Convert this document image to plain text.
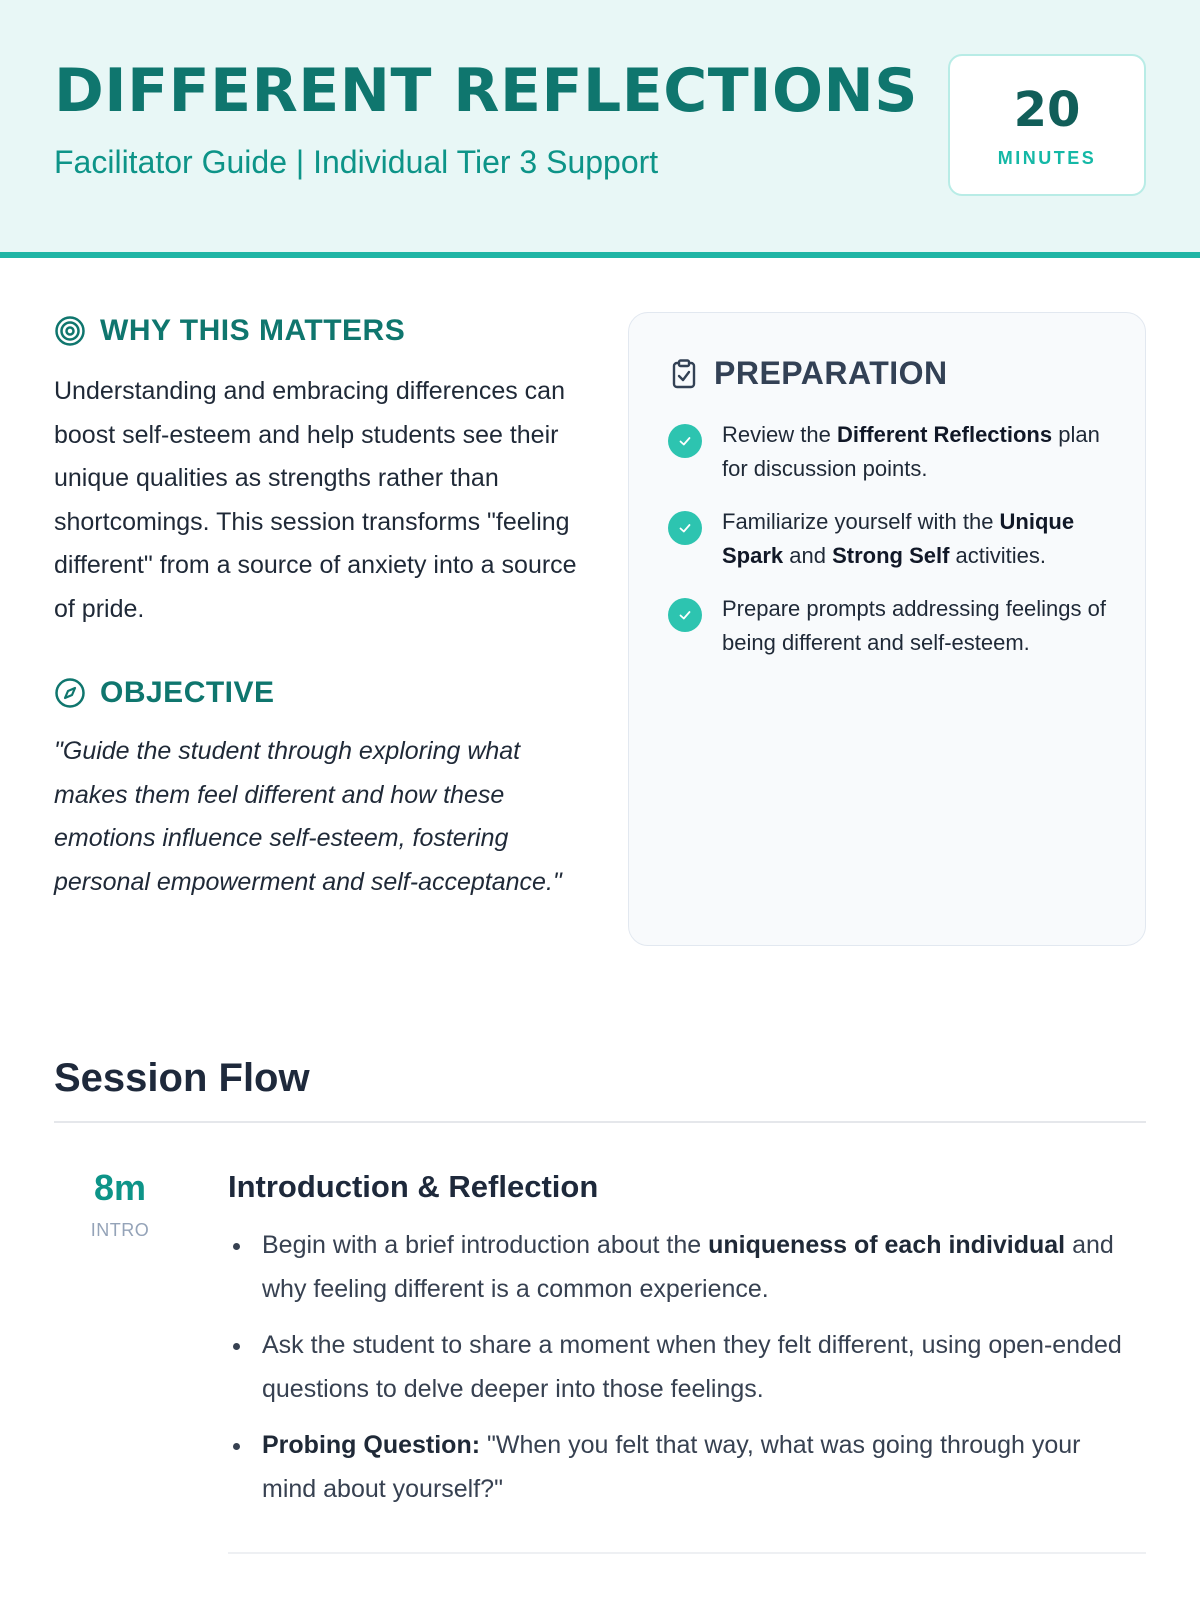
DIFFERENT REFLECTIONS
Facilitator Guide | Individual Tier 3 Support
20
MINUTES
WHY THIS MATTERS

Understanding and embracing differences can boost self-esteem and help students see their unique qualities as strengths rather than shortcomings. This session transforms "feeling different" from a source of anxiety into a source of pride.

OBJECTIVE

"Guide the student through exploring what makes them feel different and how these emotions influence self-esteem, fostering personal empowerment and self-acceptance."

PREPARATION
Review the Different Reflections plan for discussion points.
Familiarize yourself with the Unique Spark and Strong Self activities.
Prepare prompts addressing feelings of being different and self-esteem.
Session Flow
8m
INTRO
Introduction & Reflection
Begin with a brief introduction about the uniqueness of each individual and why feeling different is a common experience.
Ask the student to share a moment when they felt different, using open-ended questions to delve deeper into those feelings.
Probing Question: "When you felt that way, what was going through your mind about yourself?"
